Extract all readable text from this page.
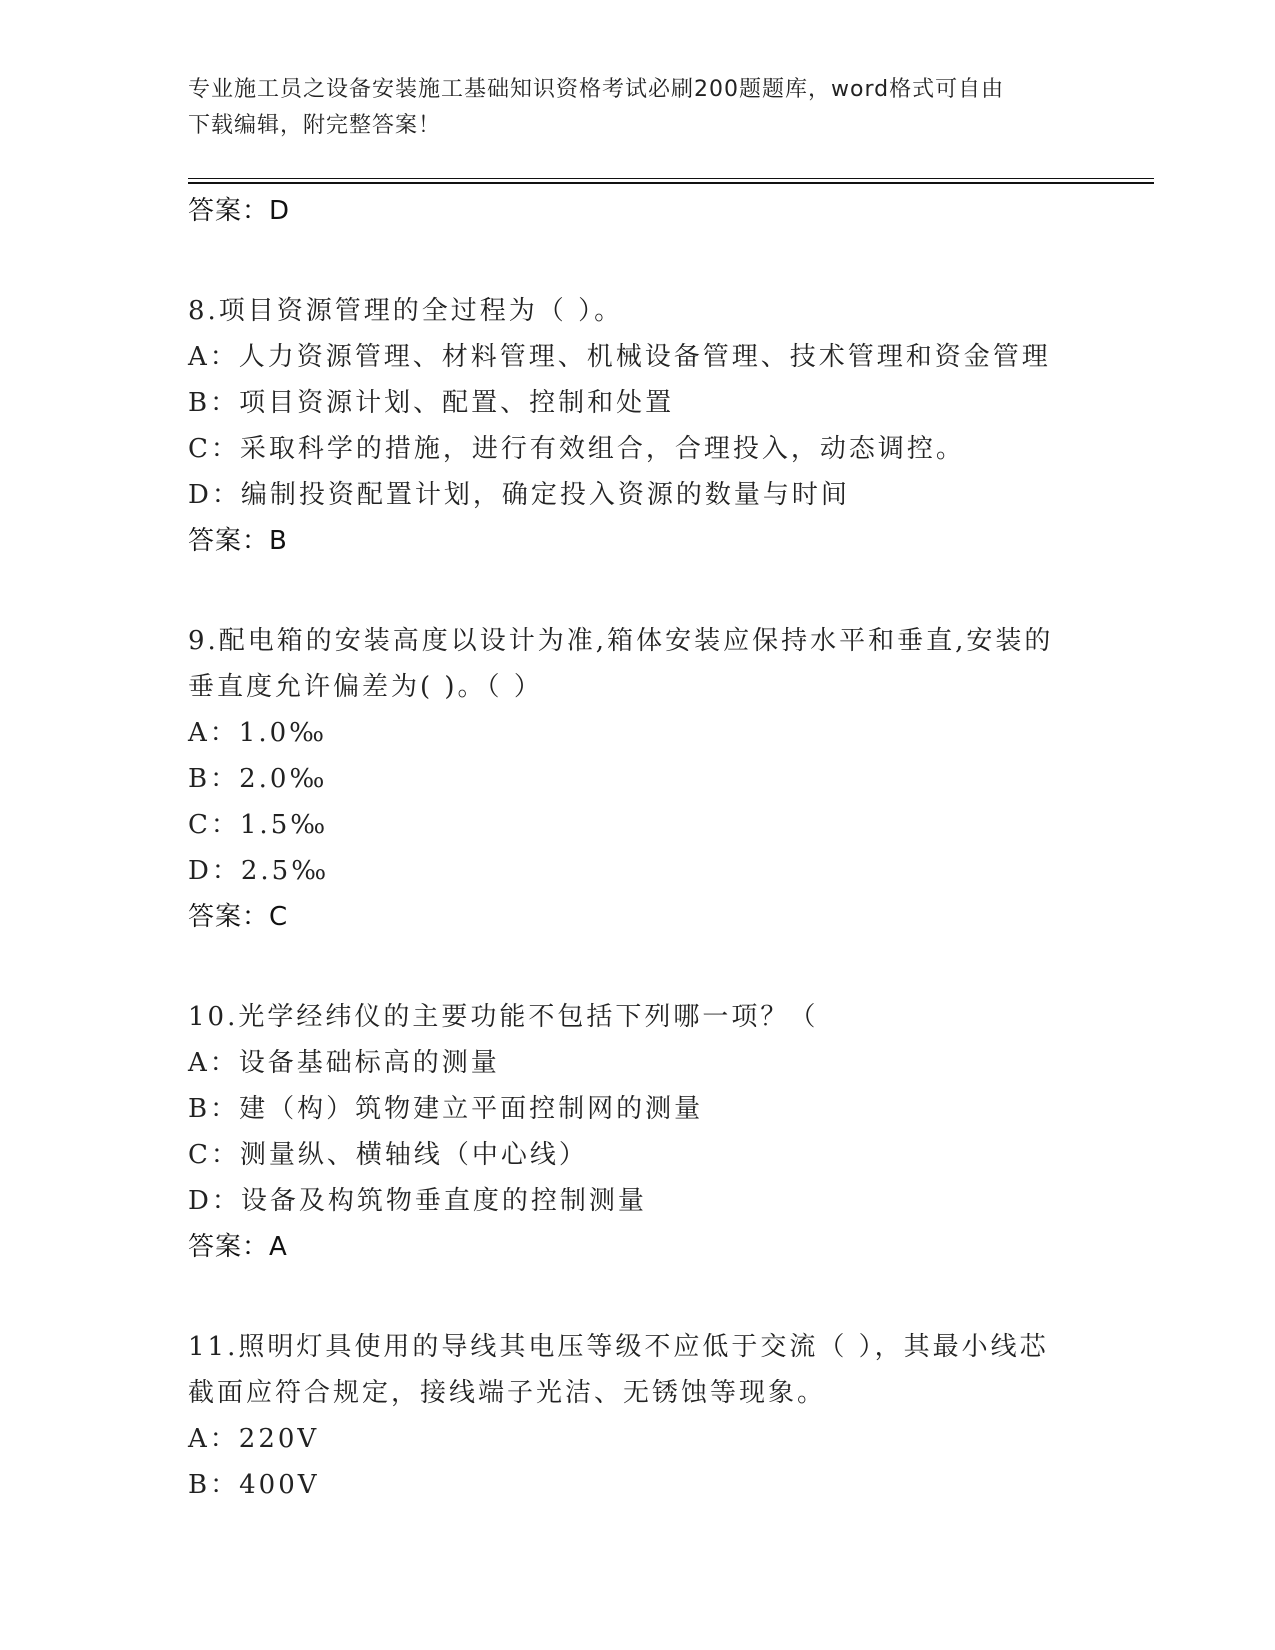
专业施工员之设备安装施工基础知识资格考试必刷200题题库，word格式可自由
下载编辑，附完整答案！
答案：D
8.项目资源管理的全过程为（ ）。
A：人力资源管理、材料管理、机械设备管理、技术管理和资金管理
B：项目资源计划、配置、控制和处置
C：采取科学的措施，进行有效组合，合理投入，动态调控。
D：编制投资配置计划，确定投入资源的数量与时间
答案：B
9.配电箱的安装高度以设计为准,箱体安装应保持水平和垂直,安装的
垂直度允许偏差为( )。（ ）
A：1.0‰
B：2.0‰
C：1.5‰
D：2.5‰
答案：C
10.光学经纬仪的主要功能不包括下列哪一项？（
A：设备基础标高的测量
B：建（构）筑物建立平面控制网的测量
C：测量纵、横轴线（中心线）
D：设备及构筑物垂直度的控制测量
答案：A
11.照明灯具使用的导线其电压等级不应低于交流（ ），其最小线芯
截面应符合规定，接线端子光洁、无锈蚀等现象。
A：220V
B：400V
